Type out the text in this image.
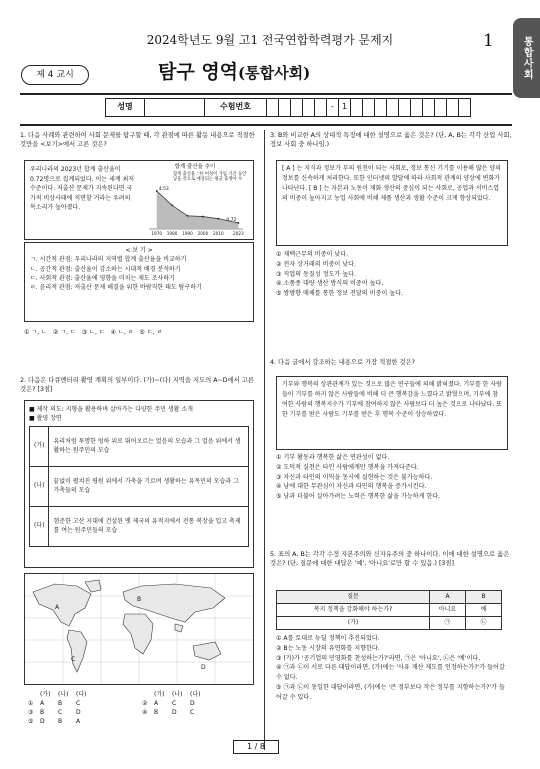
2024학년도 9월 고1 전국연합학력평가 문제지	1	통합사회
제 4 교시	탐구 영역(통합사회)
성명	수험번호	-	1
1. 다음 사례와 관련하여 사회 문제를 탐구할 때, 각 관점에 따른 활동 내용으로 적절한 것만을 <보기>에서 고른 것은?
우리나라의 2023년 합계 출산율이 0.72명으로 집계되었다. 이는 세계 최저 수준이다. 저출산 문제가 지속된다면 국가적 비상사태에 직면할 거라는 우려의 목소리가 높아졌다.
합계 출산율 추이
합계 출산율 : 한 여성이 가임 기간 동안 낳을 것으로 예상되는 평균 출생아 수
1970 1980 1990 2000 2010 2023
4.53
0.72
< 보 기 >
ㄱ. 시간적 관점: 우리나라의 지역별 합계 출산율을 비교하기
ㄴ. 공간적 관점: 출산율이 감소하는 시대적 배경 분석하기
ㄷ. 사회적 관점: 출산율에 영향을 미치는 제도 조사하기
ㄹ. 윤리적 관점: 저출산 문제 해결을 위한 바람직한 태도 탐구하기
① ㄱ, ㄴ   ② ㄱ, ㄷ   ③ ㄴ, ㄷ   ④ ㄴ, ㄹ   ⑤ ㄷ, ㄹ
2. 다음은 다큐멘터리 촬영 계획의 일부이다. (가)~(다) 지역을 지도의 A~D에서 고른 것은? [3점]
■ 제작 의도: 지형을 활용하며 살아가는 다양한 주민 생활 소개
■ 촬영 장면
(가)	유리처럼 투명한 빙하 위로 뛰어오르는 얼음의 모습과 그 얼음 위에서 생활하는 원주민의 모습
(나)	끝없이 펼쳐진 평원 위에서 가축을 기르며 생활하는 유목민의 모습과 그 가축들의 모습
(다)	험준한 고산 지대에 건설된 옛 제국의 유적지에서 전통 복장을 입고 축제를 여는 원주민들의 모습
A
B
C
D
(가)	(나)	(다)	(가)	(나)	(다)
①	A	B	C	②	A	C	D
③	B	C	D	④	B	D	C
⑤	D	B	A
3. B와 비교한 A의 상대적 특징에 대한 설명으로 옳은 것은? (단, A, B는 각각 산업 사회, 정보 사회 중 하나임.)
[ A ] 는 지식과 정보가 부의 원천이 되는 사회로, 정보 통신 기기를 이용해 많은 양의 정보를 신속하게 처리한다. 또한 인터넷의 발달에 따라 사회적 관계의 양상에 변화가 나타난다. [ B ] 는 자본과 노동이 재화 생산의 중심이 되는 사회로, 공업과 서비스업의 비중이 높아지고 농업 사회에 비해 제품 생산과 생활 수준이 크게 향상되었다.
① 재택근무의 비중이 낮다.
② 전자 상거래의 비중이 낮다.
③ 직업의 동질성 정도가 높다.
④ 소품종 대량 생산 방식의 비중이 높다.
⑤ 쌍방향 매체를 통한 정보 전달의 비중이 높다.
4. 다음 글에서 강조하는 내용으로 가장 적절한 것은?
기부와 행복의 상관관계가 있는 것으로 많은 연구들에 의해 밝혀졌다. 기부를 한 사람들이 기부를 하지 않은 사람들에 비해 더 큰 행복감을 느꼈다고 밝혔으며, 기부에 참여한 사람의 행복지수가 기부에 참여하지 않은 사람보다 더 높은 것으로 나타났다. 또한 기부를 받은 사람도 기부를 받은 후 행복 수준이 상승하였다.
① 기부 활동과 행복한 삶은 연관성이 없다.
② 도덕적 실천은 타인 사람에게만 행복을 가져다준다.
③ 자신과 타인의 이익을 동시에 실현하는 것은 불가능하다.
④ 남에 대한 무관심이 자신과 타인의 행복을 증가시킨다.
⑤ 남과 더불어 살아가려는 노력은 행복한 삶을 가능하게 한다.
5. 표의 A, B는 각각 수정 자본주의와 신자유주의 중 하나이다. 이에 대한 설명으로 옳은 것은? (단, 질문에 대한 대답은 '예', '아니요'로만 할 수 있음.) [3점]
질문	A	B
복지 정책을 강화해야 하는가?	아니요	예
(가)	㉠	㉡
① A를 토대로 뉴딜 정책이 추진되었다.
② B는 노동 시장의 유연화를 지향한다.
③ (가)가 '공기업의 민영화를 찬성하는가?'라면, ㉠은 '아니요', ㉡은 '예'이다.
④ ㉠과 ㉡이 서로 다른 대답이라면, (가)에는 '사유 재산 제도를 인정하는가?'가 들어갈 수 없다.
⑤ ㉠과 ㉡이 동일한 대답이라면, (가)에는 '큰 정부보다 작은 정부를 지향하는가?'가 들어갈 수 있다.
1 / 8
